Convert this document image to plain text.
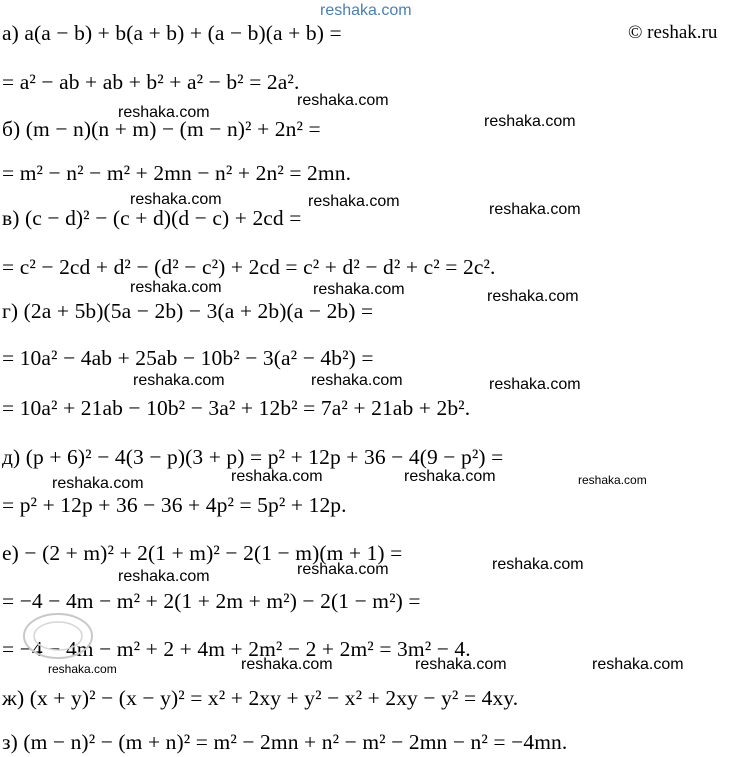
reshaka.com
© reshak.ru
а) a(a − b) + b(a + b) + (a − b)(a + b) =
= a² − ab + ab + b² + a² − b² = 2a².
б) (m − n)(n + m) − (m − n)² + 2n² =
= m² − n² − m² + 2mn − n² + 2n² = 2mn.
в) (c − d)² − (c + d)(d − c) + 2cd =
= c² − 2cd + d² − (d² − c²) + 2cd = c² + d² − d² + c² = 2c².
г) (2a + 5b)(5a − 2b) − 3(a + 2b)(a − 2b) =
= 10a² − 4ab + 25ab − 10b² − 3(a² − 4b²) =
= 10a² + 21ab − 10b² − 3a² + 12b² = 7a² + 21ab + 2b².
д) (p + 6)² − 4(3 − p)(3 + p) = p² + 12p + 36 − 4(9 − p²) =
= p² + 12p + 36 − 36 + 4p² = 5p² + 12p.
е) − (2 + m)² + 2(1 + m)² − 2(1 − m)(m + 1) =
= −4 − 4m − m² + 2(1 + 2m + m²) − 2(1 − m²) =
= −4 − 4m − m² + 2 + 4m + 2m² − 2 + 2m² = 3m² − 4.
ж) (x + y)² − (x − y)² = x² + 2xy + y² − x² + 2xy − y² = 4xy.
з) (m − n)² − (m + n)² = m² − 2mn + n² − m² − 2mn − n² = −4mn.
reshaka.com
reshaka.com
reshaka.com
reshaka.com	reshaka.com	reshaka.com
reshaka.com	reshaka.com	reshaka.com
reshaka.com	reshaka.com	reshaka.com
reshaka.com	reshaka.com	reshaka.com	reshaka.com
reshaka.com	reshaka.com	reshaka.com
reshaka.com	reshaka.com	reshaka.com	reshaka.com
